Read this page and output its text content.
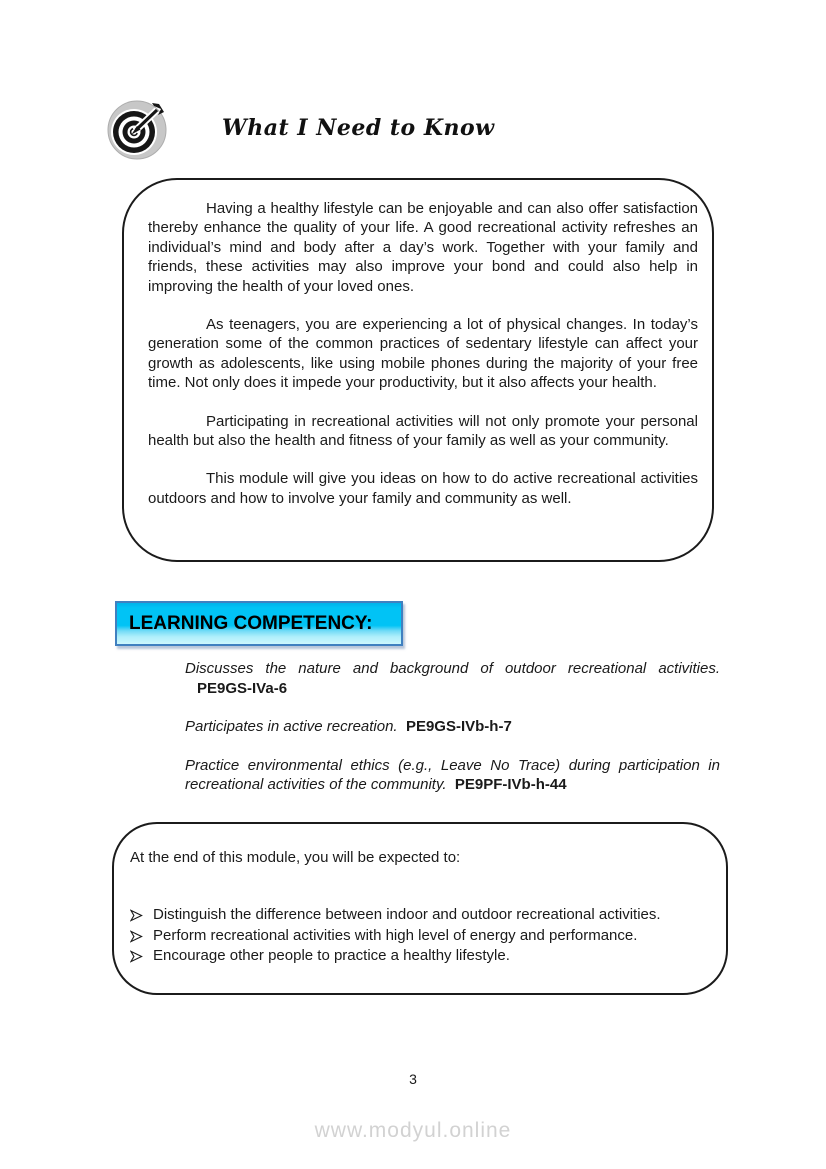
What I Need to Know

Having a healthy lifestyle can be enjoyable and can also offer satisfaction thereby enhance the quality of your life. A good recreational activity refreshes an individual’s mind and body after a day’s work. Together with your family and friends, these activities may also improve your bond and could also help in improving the health of your loved ones.

As teenagers, you are experiencing a lot of physical changes. In today’s generation some of the common practices of sedentary lifestyle can affect your growth as adolescents, like using mobile phones during the majority of your free time. Not only does it impede your productivity, but it also affects your health.

Participating in recreational activities will not only promote your personal health but also the health and fitness of your family as well as your community.

This module will give you ideas on how to do active recreational activities outdoors and how to involve your family and community as well.

LEARNING COMPETENCY:
Discusses the nature and background of outdoor recreational activities.
PE9GS-IVa-6
Participates in active recreation. PE9GS-IVb-h-7
Practice environmental ethics (e.g., Leave No Trace) during participation in recreational activities of the community. PE9PF-IVb-h-44

At the end of this module, you will be expected to:

Distinguish the difference between indoor and outdoor recreational activities.
Perform recreational activities with high level of energy and performance.
Encourage other people to practice a healthy lifestyle.
3
www.modyul.online
